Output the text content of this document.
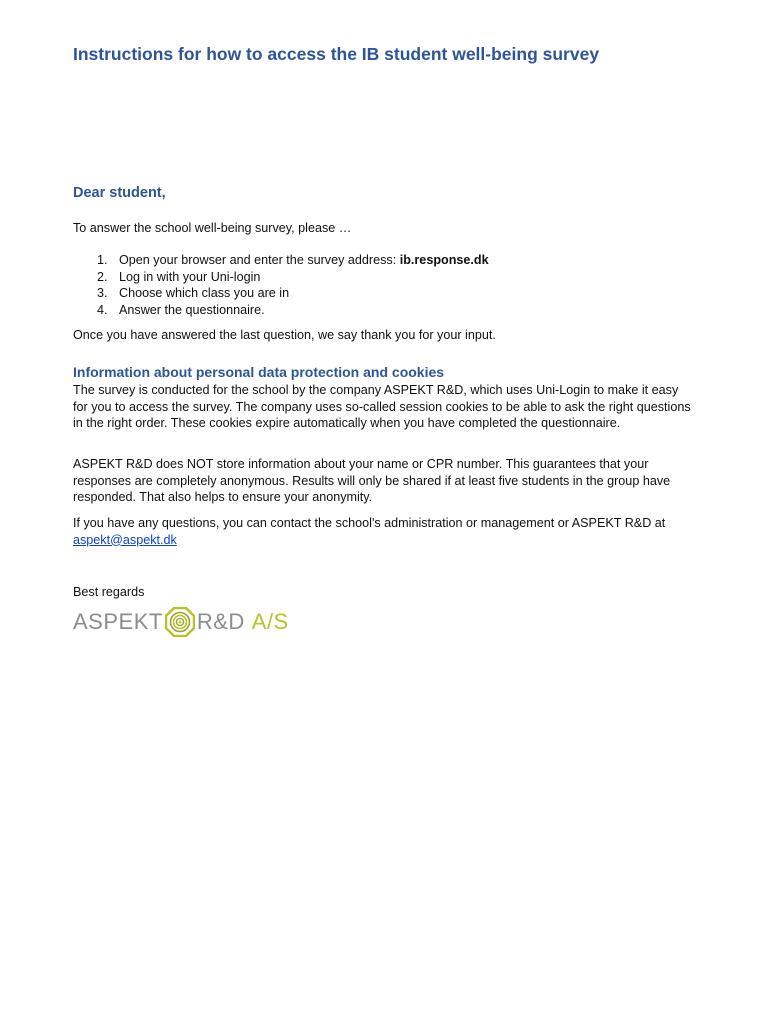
Instructions for how to access the IB student well-being survey
Dear student,

To answer the school well-being survey, please …

1. Open your browser and enter the survey address: ib.response.dk
2. Log in with your Uni-login
3. Choose which class you are in
4. Answer the questionnaire.

Once you have answered the last question, we say thank you for your input.

Information about personal data protection and cookies

The survey is conducted for the school by the company ASPEKT R&D, which uses Uni-Login to make it easy for you to access the survey. The company uses so-called session cookies to be able to ask the right questions in the right order. These cookies expire automatically when you have completed the questionnaire.

ASPEKT R&D does NOT store information about your name or CPR number. This guarantees that your responses are completely anonymous. Results will only be shared if at least five students in the group have responded. That also helps to ensure your anonymity.

If you have any questions, you can contact the school's administration or management or ASPEKT R&D at
aspekt@aspekt.dk

Best regards

ASPEKT R&D A/S
